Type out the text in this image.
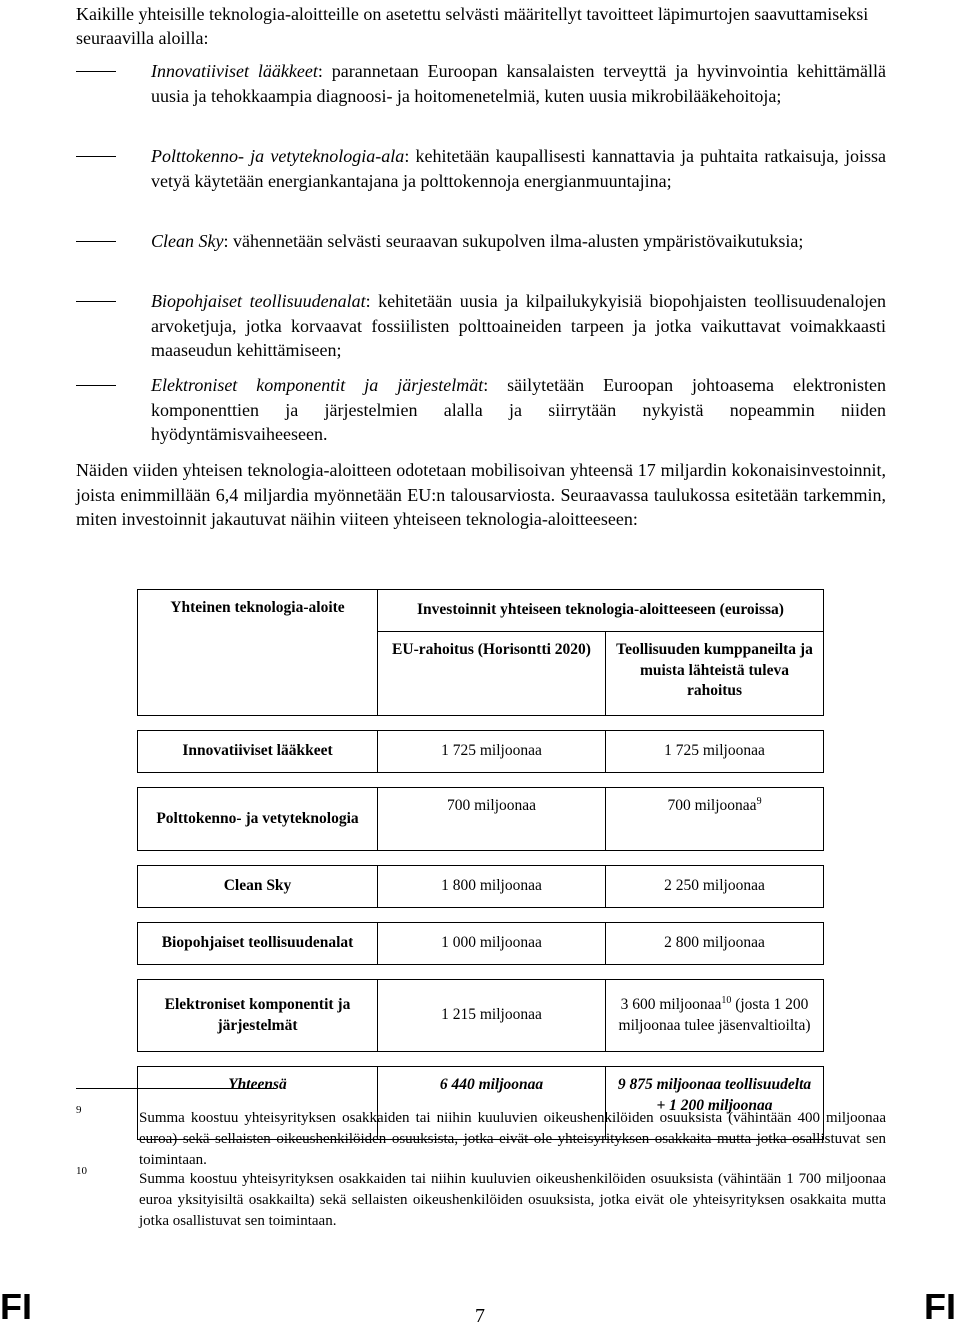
Kaikille yhteisille teknologia-aloitteille on asetettu selvästi määritellyt tavoitteet läpimurtojen saavuttamiseksi seuraavilla aloilla:

Innovatiiviset lääkkeet: parannetaan Euroopan kansalaisten terveyttä ja hyvinvointia kehittämällä uusia ja tehokkaampia diagnoosi- ja hoitomenetelmiä, kuten uusia mikrobilääkehoitoja;

Polttokenno- ja vetyteknologia-ala: kehitetään kaupallisesti kannattavia ja puhtaita ratkaisuja, joissa vetyä käytetään energiankantajana ja polttokennoja energianmuuntajina;

Clean Sky: vähennetään selvästi seuraavan sukupolven ilma-alusten ympäristövaikutuksia;

Biopohjaiset teollisuudenalat: kehitetään uusia ja kilpailukykyisiä biopohjaisten teollisuudenalojen arvoketjuja, jotka korvaavat fossiilisten polttoaineiden tarpeen ja jotka vaikuttavat voimakkaasti maaseudun kehittämiseen;

Elektroniset komponentit ja järjestelmät: säilytetään Euroopan johtoasema elektronisten komponenttien ja järjestelmien alalla ja siirrytään nykyistä nopeammin niiden hyödyntämisvaiheeseen.

Näiden viiden yhteisen teknologia-aloitteen odotetaan mobilisoivan yhteensä 17 miljardin kokonaisinvestoinnit, joista enimmillään 6,4 miljardia myönnetään EU:n talousarviosta. Seuraavassa taulukossa esitetään tarkemmin, miten investoinnit jakautuvat näihin viiteen yhteiseen teknologia-aloitteeseen:

Yhteinen teknologia-aloite	Investoinnit yhteiseen teknologia-aloitteeseen (euroissa)	
	EU-rahoitus (Horisontti 2020)	Teollisuuden kumppaneilta ja muista lähteistä tuleva rahoitus

Innovatiiviset lääkkeet	1 725 miljoonaa	1 725 miljoonaa

Polttokenno- ja vetyteknologia	700 miljoonaa	700 miljoonaa$^9$

Clean Sky	1 800 miljoonaa	2 250 miljoonaa

Biopohjaiset teollisuudenalat	1 000 miljoonaa	2 800 miljoonaa

Elektroniset komponentit ja järjestelmät	1 215 miljoonaa	3 600 miljoonaa$^{10}$ (josta 1 200 miljoonaa tulee jäsenvaltioilta)

Yhteensä	6 440 miljoonaa	9 875 miljoonaa teollisuudelta + 1 200 miljoonaa
9	Summa koostuu yhteisyrityksen osakkaiden tai niihin kuuluvien oikeushenkilöiden osuuksista (vähintään 400 miljoonaa euroa) sekä sellaisten oikeushenkilöiden osuuksista, jotka eivät ole yhteisyrityksen osakkaita mutta jotka osallistuvat sen toimintaan.

10	Summa koostuu yhteisyrityksen osakkaiden tai niihin kuuluvien oikeushenkilöiden osuuksista (vähintään 1 700 miljoonaa euroa yksityisiltä osakkailta) sekä sellaisten oikeushenkilöiden osuuksista, jotka eivät ole yhteisyrityksen osakkaita mutta jotka osallistuvat sen toimintaan.

FI	7	FI
